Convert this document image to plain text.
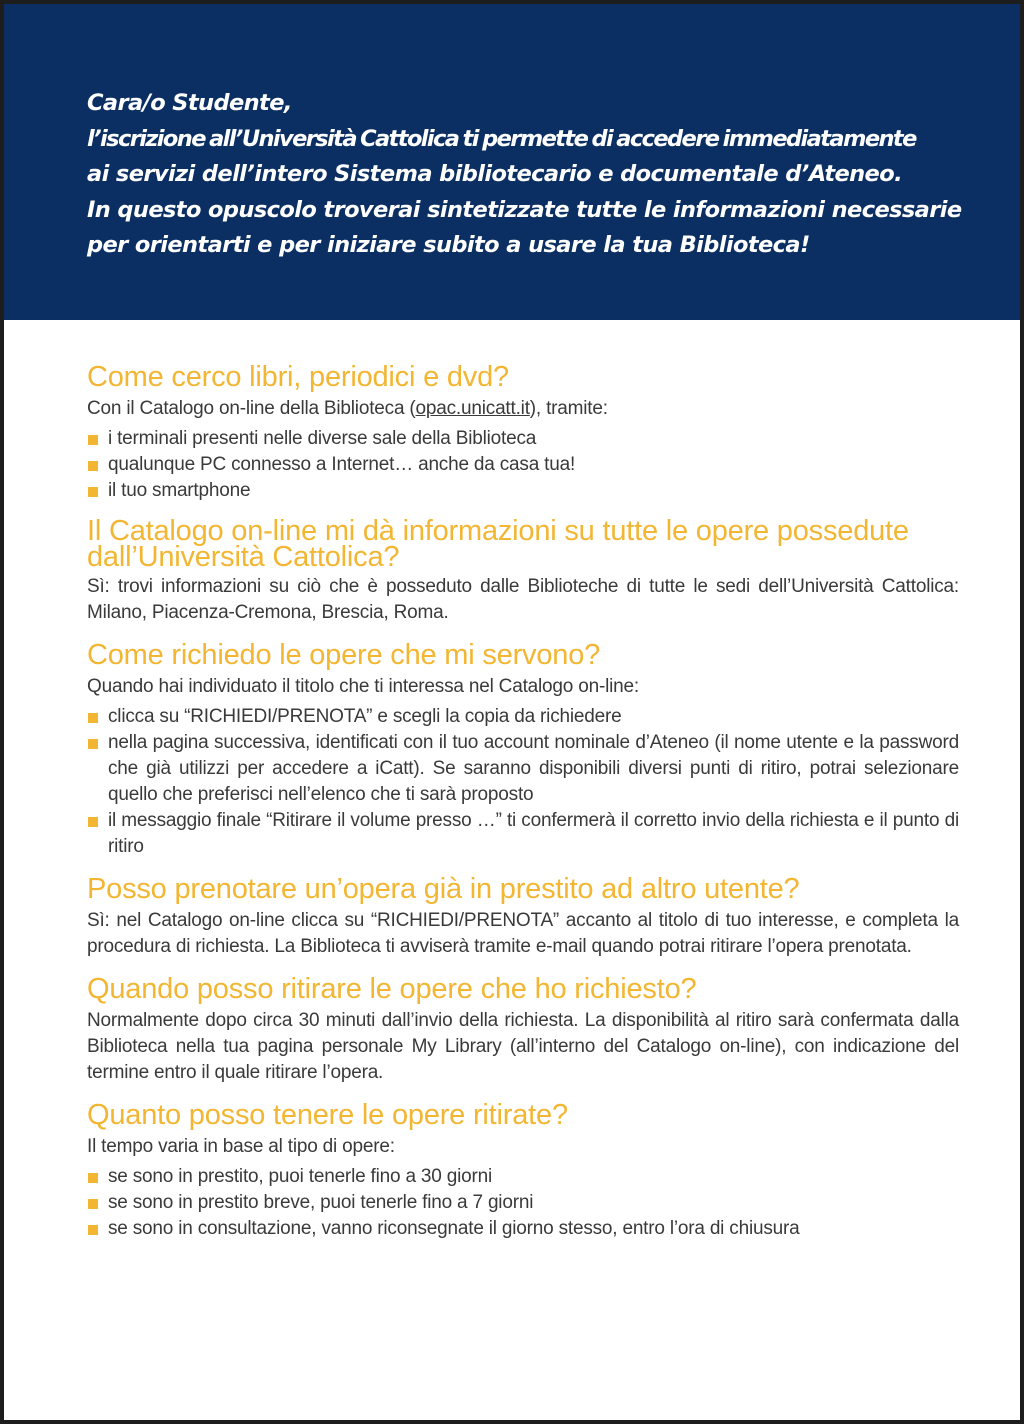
Cara/o Studente,
l’iscrizione all’Università Cattolica ti permette di accedere immediatamente
ai servizi dell’intero Sistema bibliotecario e documentale d’Ateneo.
In questo opuscolo troverai sintetizzate tutte le informazioni necessarie
per orientarti e per iniziare subito a usare la tua Biblioteca!

Come cerco libri, periodici e dvd?

Con il Catalogo on-line della Biblioteca (opac.unicatt.it), tramite:

i terminali presenti nelle diverse sale della Biblioteca
qualunque PC connesso a Internet… anche da casa tua!
il tuo smartphone
Il Catalogo on-line mi dà informazioni su tutte le opere possedute dall’Università Cattolica?

Sì: trovi informazioni su ciò che è posseduto dalle Biblioteche di tutte le sedi dell’Università Cattolica: Milano, Piacenza-Cremona, Brescia, Roma.

Come richiedo le opere che mi servono?

Quando hai individuato il titolo che ti interessa nel Catalogo on-line:

clicca su “RICHIEDI/PRENOTA” e scegli la copia da richiedere
nella pagina successiva, identificati con il tuo account nominale d’Ateneo (il nome utente e la password che già utilizzi per accedere a iCatt). Se saranno disponibili diversi punti di ritiro, potrai selezionare quello che preferisci nell’elenco che ti sarà proposto
il messaggio finale “Ritirare il volume presso …” ti confermerà il corretto invio della richiesta e il punto di ritiro
Posso prenotare un’opera già in prestito ad altro utente?

Sì: nel Catalogo on-line clicca su “RICHIEDI/PRENOTA” accanto al titolo di tuo interesse, e completa la procedura di richiesta. La Biblioteca ti avviserà tramite e-mail quando potrai ritirare l’opera prenotata.

Quando posso ritirare le opere che ho richiesto?

Normalmente dopo circa 30 minuti dall’invio della richiesta. La disponibilità al ritiro sarà confermata dalla Biblioteca nella tua pagina personale My Library (all’interno del Catalogo on-line), con indicazione del termine entro il quale ritirare l’opera.

Quanto posso tenere le opere ritirate?

Il tempo varia in base al tipo di opere:

se sono in prestito, puoi tenerle fino a 30 giorni
se sono in prestito breve, puoi tenerle fino a 7 giorni
se sono in consultazione, vanno riconsegnate il giorno stesso, entro l’ora di chiusura
